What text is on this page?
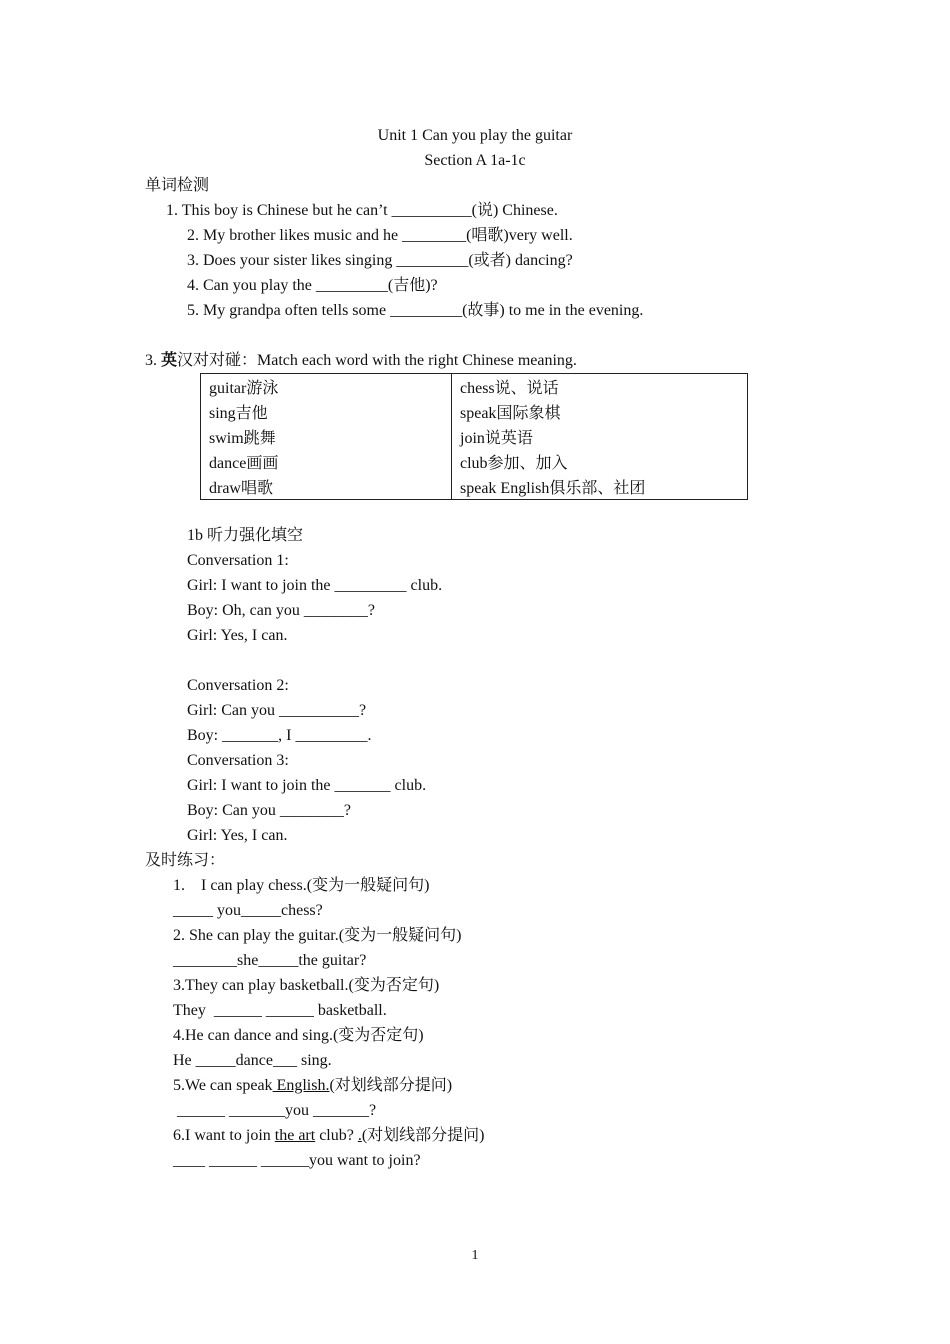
Unit 1 Can you play the guitar
Section A 1a-1c
单词检测
1. This boy is Chinese but he can’t __________(说) Chinese.
2. My brother likes music and he ________(唱歌)very well.
3. Does your sister likes singing _________(或者) dancing?
4. Can you play the _________(吉他)?
5. My grandpa often tells some _________(故事) to me in the evening.
3. 英汉对对碰：Match each word with the right Chinese meaning.
guitar游泳	chess说、说话
sing吉他	speak国际象棋
swim跳舞	join说英语
dance画画	club参加、加入
draw唱歌	speak English俱乐部、社团
1b 听力强化填空
Conversation 1:
Girl: I want to join the _________ club.
Boy: Oh, can you ________?
Girl: Yes, I can.
Conversation 2:
Girl: Can you __________?
Boy: _______, I _________.
Conversation 3:
Girl: I want to join the _______ club.
Boy: Can you ________?
Girl: Yes, I can.
及时练习：
1.    I can play chess.(变为一般疑问句)
_____ you_____chess?
2. She can play the guitar.(变为一般疑问句)
________she_____the guitar?
3.They can play basketball.(变为否定句)
They  ______ ______ basketball.
4.He can dance and sing.(变为否定句)
He _____dance___ sing.
5.We can speak English.(对划线部分提问)
______ _______you _______?
6.I want to join the art club? .(对划线部分提问)
____ ______ ______you want to join?
1
